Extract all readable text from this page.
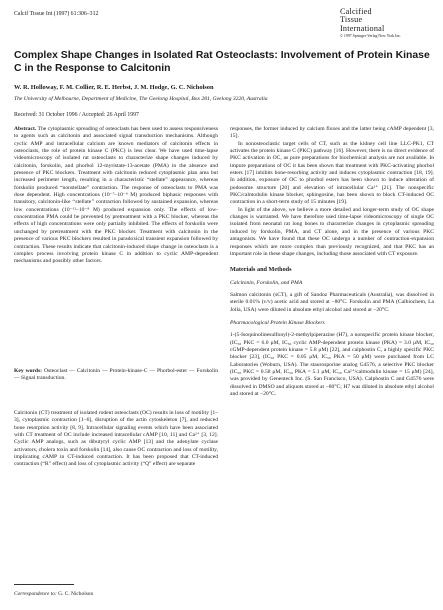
Calcif Tissue Int (1997) 61:306–312	Calcified
Tissue
International
© 1997 Springer-Verlag New York Inc.
Complex Shape Changes in Isolated Rat Osteoclasts: Involvement of Protein Kinase C in the Response to Calcitonin
W. R. Holloway, F. M. Collier, R. E. Herbst, J. M. Hodge, G. C. Nicholson
The University of Melbourne, Department of Medicine, The Geelong Hospital, Box 281, Geelong 3220, Australia
Received: 31 October 1996 / Accepted: 26 April 1997

Abstract. The cytoplasmic spreading of osteoclasts has been used to assess responsiveness to agents such as calcitonin and associated signal transduction mechanisms. Although cyclic AMP and intracellular calcium are known mediators of calcitonin effects in osteoclasts, the role of protein kinase C (PKC) is less clear. We have used time-lapse videomicroscopy of isolated rat osteoclasts to characterize shape changes induced by calcitonin, forskolin, and phorbol 12-myristate-13-acetate (PMA) in the absence and presence of PKC blockers. Treatment with calcitonin reduced cytoplasmic plan area but increased perimeter length, resulting in a characteristic “stellate” appearance, whereas forskolin produced “nonstellate” contraction. The response of osteoclasts to PMA was dose dependent. High concentrations (10⁻⁷–10⁻⁶ M) produced biphasic responses with transitory, calcitonin-like ‘‘stellate’’ contraction followed by sustained expansion, whereas low concentrations (10⁻¹¹–10⁻⁸ M) produced expansion only. The effects of low-concentration PMA could be prevented by pretreatment with a PKC blocker, whereas the effects of high concentrations were only partially inhibited. The effects of forskolin were unchanged by pretreatment with the PKC blocker. Treatment with calcitonin in the presence of various PKC blockers resulted in paradoxical transient expansion followed by contraction. These results indicate that calcitonin-induced shape change in osteoclasts is a complex process involving protein kinase C in addition to cyclic AMP-dependent mechanisms and possibly other factors.

Key words: Osteoclast — Calcitonin — Protein-kinase-C — Phorbol-ester — Forskolin — Signal transduction.

Calcitonin (CT) treatment of isolated rodent osteoclasts (OC) results in loss of motility [1–3], cytoplasmic contraction [1–6], disruption of the actin cytoskeleton [7], and reduced bone resorption activity [8, 9]. Intracellular signaling events which have been associated with CT treatment of OC include increased intracellular cAMP [10, 11] and Ca²⁺ [3, 12]. Cyclic AMP analogs, such as dibutyryl cyclic AMP [13] and the adenylate cyclase activators, cholera toxin and forskolin [14], also cause OC contraction and loss of motility, implicating cAMP in CT-induced contraction. It has been proposed that CT-induced contraction (“R” effect) and loss of cytoplasmic activity (“Q” effect) are separate

Correspondence to: G. C. Nicholson

responses, the former induced by calcium fluxes and the latter being cAMP dependent [3, 15].

In nonosteoclastic target cells of CT, such as the kidney cell line LLC-PK1, CT activates the protein kinase C (PKC) pathway [16]. However, there is no direct evidence of PKC activation in OC, as pure preparations for biochemical analysis are not available. In impure preparations of OC it has been shown that treatment with PKC-activating phorbol esters [17] inhibits bone-resorbing activity and induces cytoplasmic contraction [18, 19]. In addition, exposure of OC to phorbol esters has been shown to induce alteration of podosome structure [20] and elevation of intracellular Ca²⁺ [21]. The nonspecific PKC/calmodulin kinase blocker, sphingosine, has been shown to block CT-induced OC contraction in a short-term study of 15 minutes [19].

In light of the above, we believe a more detailed and longer-term study of OC shape changes is warranted. We have therefore used time-lapse videomicroscopy of single OC isolated from neonatal rat long bones to characterize changes in cytoplasmic spreading induced by forskolin, PMA, and CT alone, and in the presence of various PKC antagonists. We have found that these OC undergo a number of contraction-expansion responses which are more complex than previously recognized, and that PKC has an important role in these shape changes, including those associated with CT exposure.

Materials and Methods

Calcitonin, Forskolin, and PMA

Salmon calcitonin (sCT), a gift of Sandoz Pharmaceuticals (Australia), was dissolved in sterile 0.01% (v/v) acetic acid and stored at −80°C. Forskolin and PMA (Calbiochem, La Jolla, USA) were diluted in absolute ethyl alcohol and stored at −20°C.

Pharmacological Protein Kinase Blockers

1-(5-Isoquinolinesulfonyl)-2-methylpiperazine (H7), a nonspecific protein kinase blocker, (IC₅₀ PKC = 6.0 μM, IC₅₀ cyclic AMP-dependent protein kinase (PKA) = 3.0 μM, IC₅₀ cGMP-dependent protein kinase = 5.8 μM) [22], and calphostin C, a highly specific PKC blocker [23], (IC₅₀ PKC = 0.05 μM, IC₅₀ PKA = 50 μM) were purchased from LC Laboratories (Woburn, USA). The staurosporine analog G4576, a selective PKC blocker (IC₅₀ PKC = 0.58 μM, IC₅₀ PKA = 5.1 μM, IC₅₀ Ca²⁺/calmodulin kinase = 15 μM) [24], was provided by Genentech Inc. (S. San Francisco, USA). Calphostin C and G4576 were dissolved in DMSO and aliquots stored at −80°C; H7 was diluted in absolute ethyl alcohol and stored at −20°C.
